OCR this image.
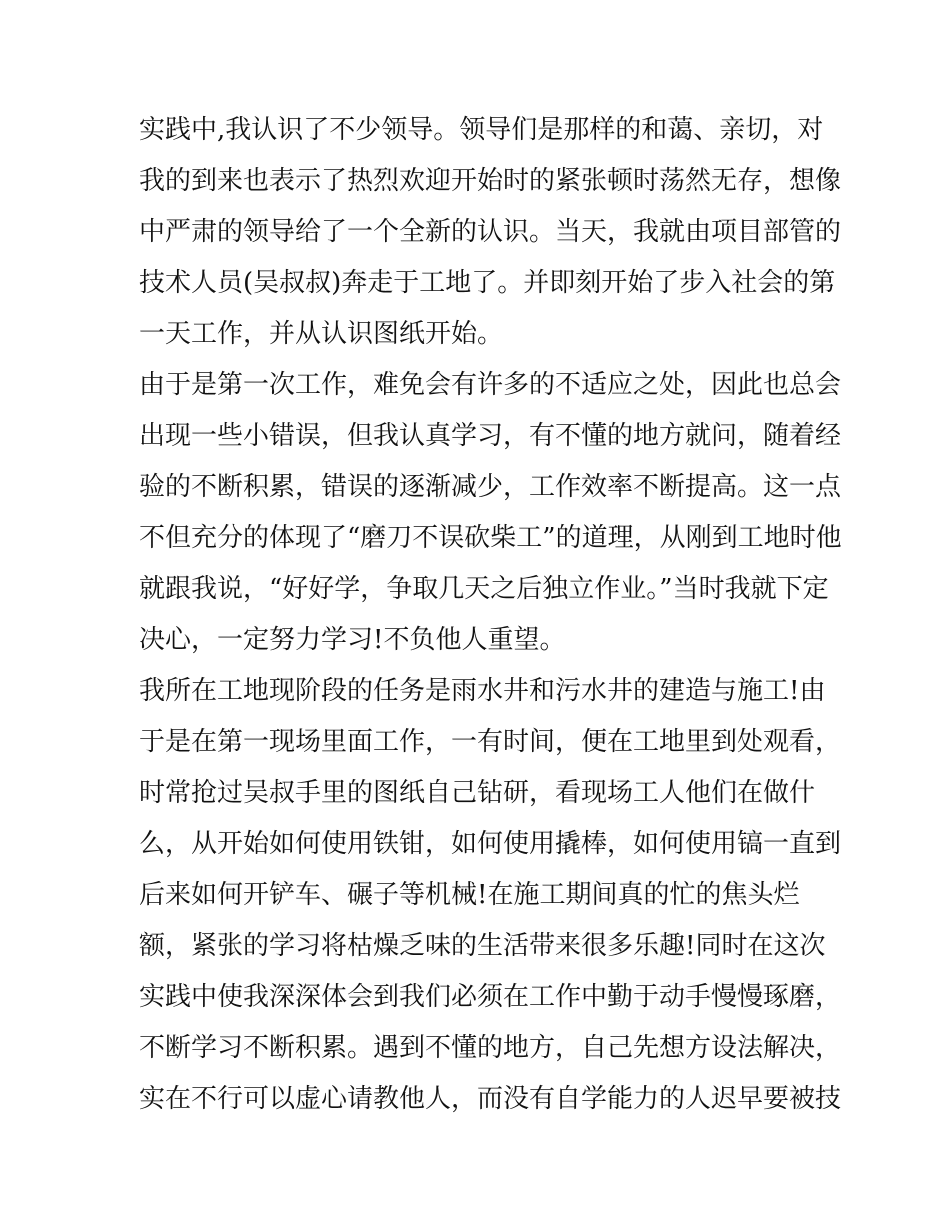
实践中,我认识了不少领导。领导们是那样的和蔼、亲切，对
我的到来也表示了热烈欢迎开始时的紧张顿时荡然无存，想像
中严肃的领导给了一个全新的认识。当天，我就由项目部管的
技术人员(吴叔叔)奔走于工地了。并即刻开始了步入社会的第
一天工作，并从认识图纸开始。
由于是第一次工作，难免会有许多的不适应之处，因此也总会
出现一些小错误，但我认真学习，有不懂的地方就问，随着经
验的不断积累，错误的逐渐减少，工作效率不断提高。这一点
不但充分的体现了“磨刀不误砍柴工”的道理，从刚到工地时他
就跟我说，“好好学，争取几天之后独立作业。”当时我就下定
决心，一定努力学习!不负他人重望。
我所在工地现阶段的任务是雨水井和污水井的建造与施工!由
于是在第一现场里面工作，一有时间，便在工地里到处观看，
时常抢过吴叔手里的图纸自己钻研，看现场工人他们在做什
么，从开始如何使用铁钳，如何使用撬棒，如何使用镐一直到
后来如何开铲车、碾子等机械!在施工期间真的忙的焦头烂
额，紧张的学习将枯燥乏味的生活带来很多乐趣!同时在这次
实践中使我深深体会到我们必须在工作中勤于动手慢慢琢磨，
不断学习不断积累。遇到不懂的地方，自己先想方设法解决，
实在不行可以虚心请教他人，而没有自学能力的人迟早要被技
